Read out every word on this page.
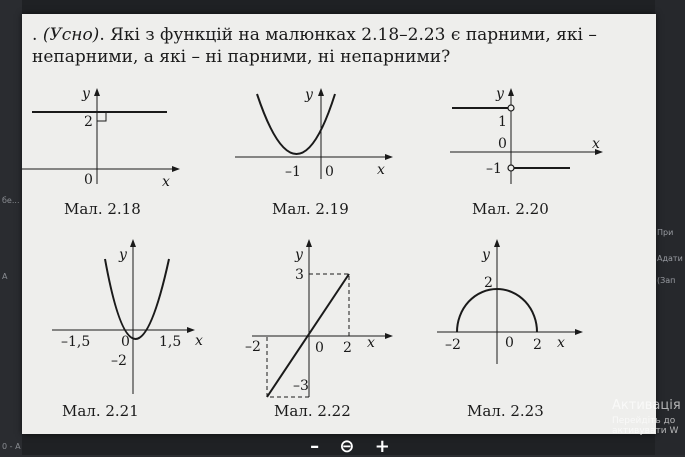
бе...
A
0 - A
При
Адати
(Зап
. (Усно). Які з функцій на малюнках 2.18–2.23 є парними, які – непарними, а які – ні парними, ні непарними?
y
2
0	x
Мал. 2.18
y
–1 0	x
Мал. 2.19
y
1
0
–1
x
Мал. 2.20
y
–1,5 0 1,5
–2
x
Мал. 2.21
y
3
–2	0 2
–3
x
Мал. 2.22
y
2
–2	0 2 x
Мал. 2.23
– ⊖ +
Активація
Перейдіть до
активувати W
